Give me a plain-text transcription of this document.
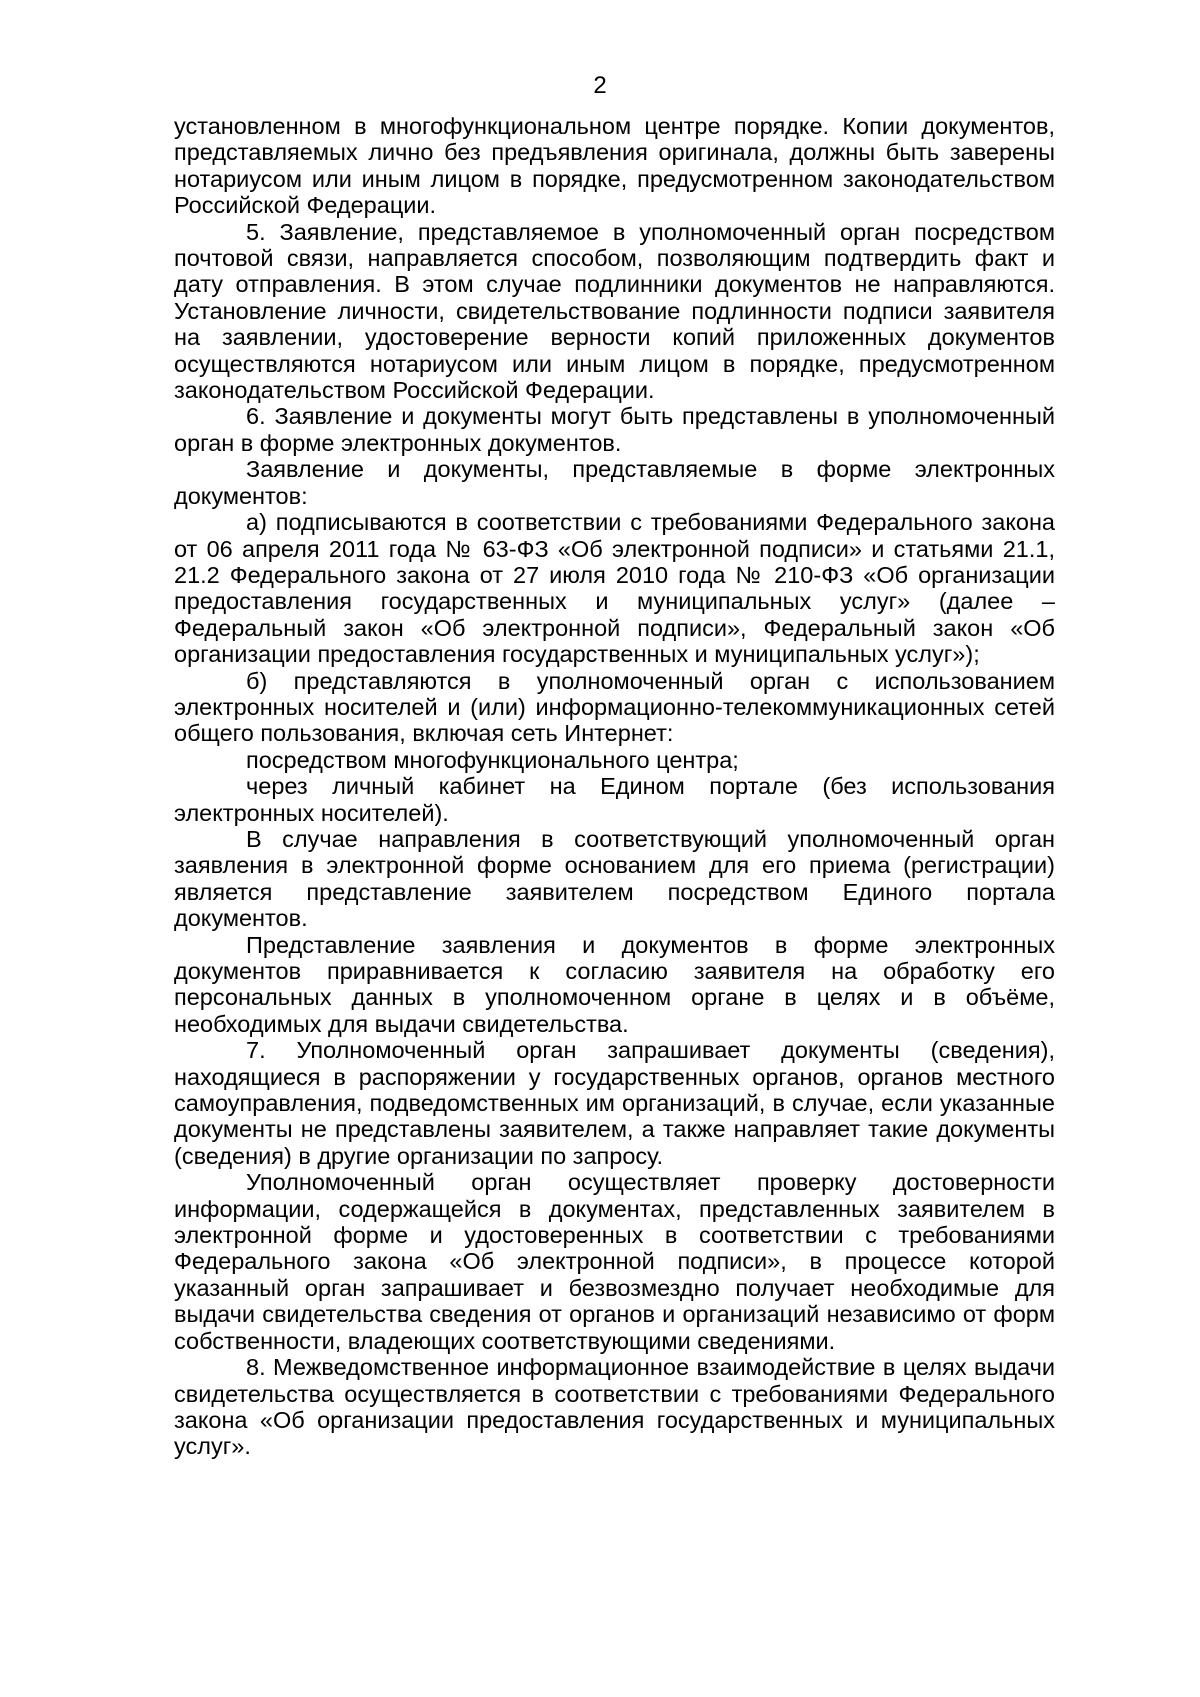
2

установленном в многофункциональном центре порядке. Копии документов, представляемых лично без предъявления оригинала, должны быть заверены нотариусом или иным лицом в порядке, предусмотренном законодательством Российской Федерации.

5. Заявление, представляемое в уполномоченный орган посредством почтовой связи, направляется способом, позволяющим подтвердить факт и дату отправления. В этом случае подлинники документов не направляются. Установление личности, свидетельствование подлинности подписи заявителя на заявлении, удостоверение верности копий приложенных документов осуществляются нотариусом или иным лицом в порядке, предусмотренном законодательством Российской Федерации.

6. Заявление и документы могут быть представлены в уполномоченный орган в форме электронных документов.

Заявление и документы, представляемые в форме электронных документов:

а) подписываются в соответствии с требованиями Федерального закона от 06 апреля 2011 года № 63-ФЗ «Об электронной подписи» и статьями 21.1, 21.2 Федерального закона от 27 июля 2010 года № 210-ФЗ «Об организации предоставления государственных и муниципальных услуг» (далее – Федеральный закон «Об электронной подписи», Федеральный закон «Об организации предоставления государственных и муниципальных услуг»);

б) представляются в уполномоченный орган с использованием электронных носителей и (или) информационно-телекоммуникационных сетей общего пользования, включая сеть Интернет:

посредством многофункционального центра;

через личный кабинет на Едином портале (без использования электронных носителей).

В случае направления в соответствующий уполномоченный орган заявления в электронной форме основанием для его приема (регистрации) является представление заявителем посредством Единого портала документов.

Представление заявления и документов в форме электронных документов приравнивается к согласию заявителя на обработку его персональных данных в уполномоченном органе в целях и в объёме, необходимых для выдачи свидетельства.

7. Уполномоченный орган запрашивает документы (сведения), находящиеся в распоряжении у государственных органов, органов местного самоуправления, подведомственных им организаций, в случае, если указанные документы не представлены заявителем, а также направляет такие документы (сведения) в другие организации по запросу.

Уполномоченный орган осуществляет проверку достоверности информации, содержащейся в документах, представленных заявителем в электронной форме и удостоверенных в соответствии с требованиями Федерального закона «Об электронной подписи», в процессе которой указанный орган запрашивает и безвозмездно получает необходимые для выдачи свидетельства сведения от органов и организаций независимо от форм собственности, владеющих соответствующими сведениями.

8. Межведомственное информационное взаимодействие в целях выдачи свидетельства осуществляется в соответствии с требованиями Федерального закона «Об организации предоставления государственных и муниципальных услуг».
